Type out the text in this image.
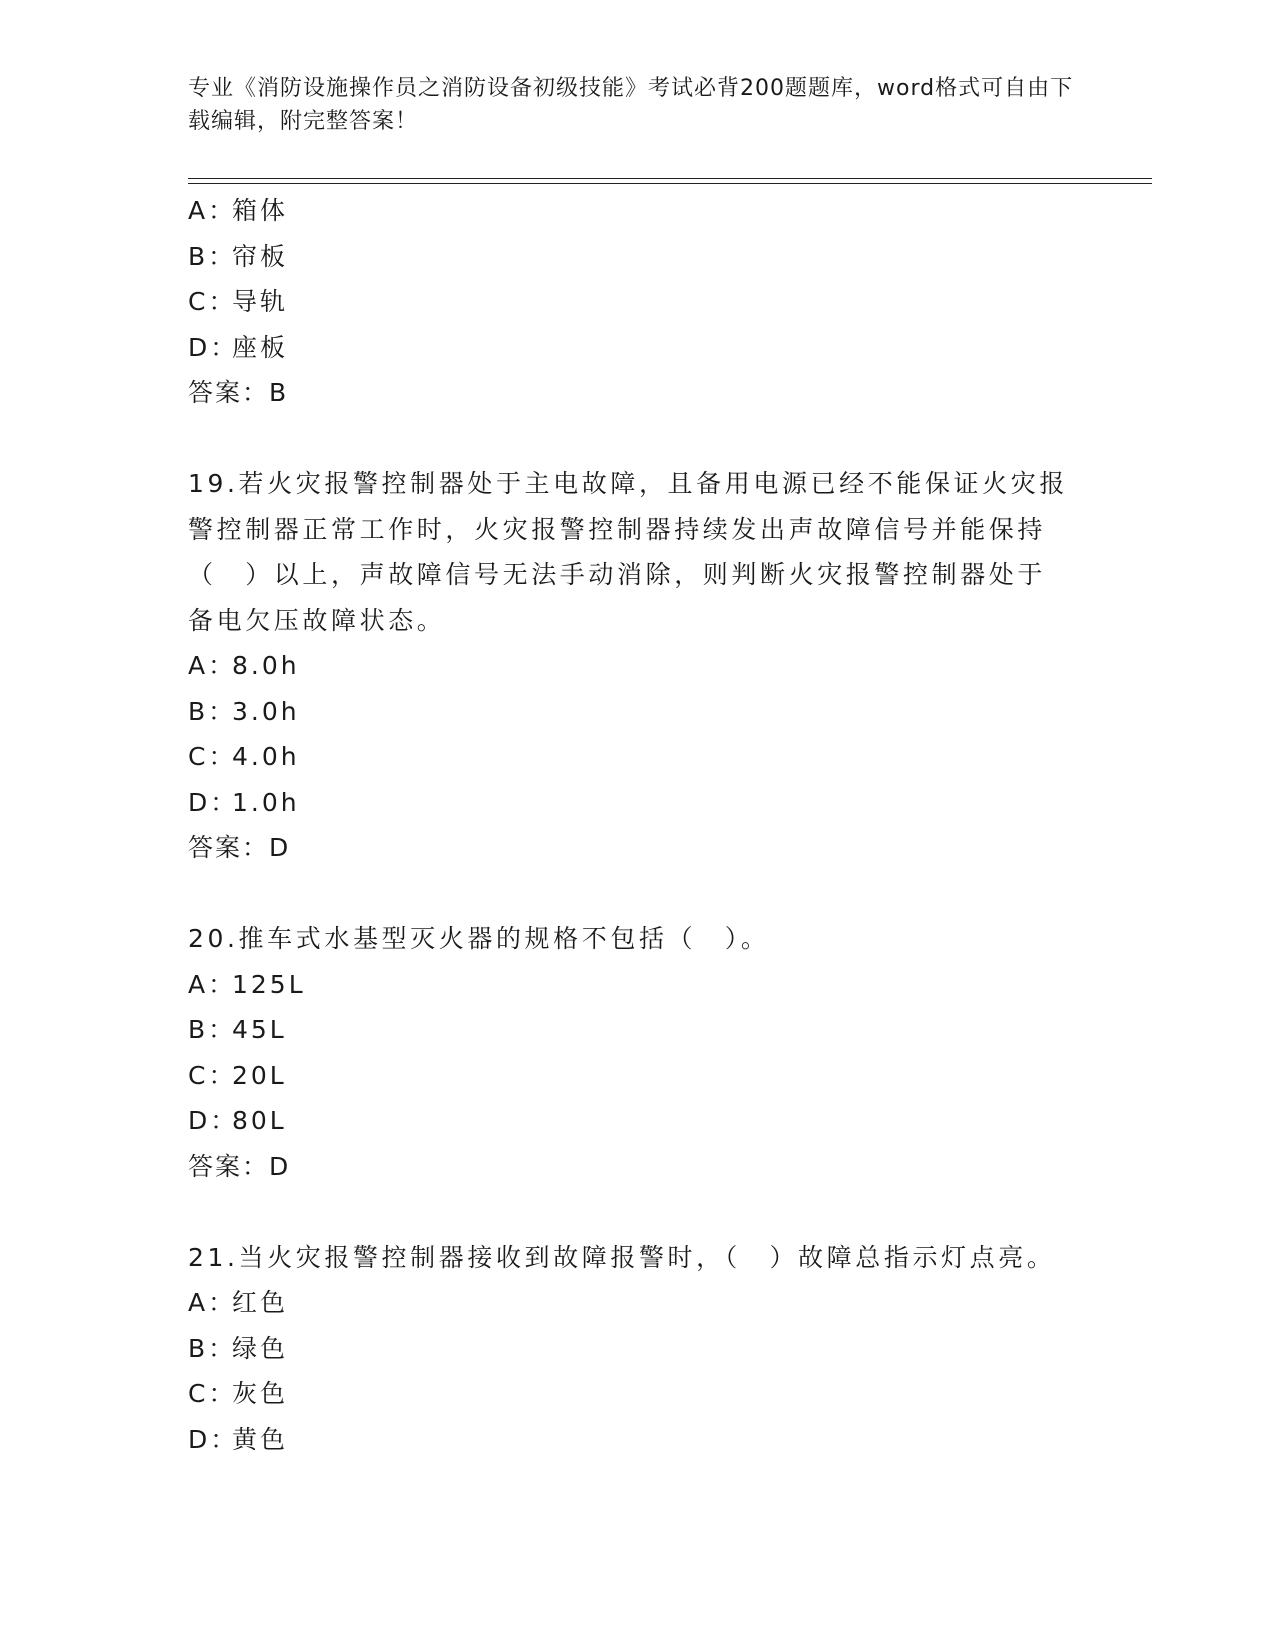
专业《消防设施操作员之消防设备初级技能》考试必背200题题库，word格式可自由下载编辑，附完整答案！
A：箱体
B：帘板
C：导轨
D：座板
答案：B
19.若火灾报警控制器处于主电故障，且备用电源已经不能保证火灾报警控制器正常工作时，火灾报警控制器持续发出声故障信号并能保持（　）以上，声故障信号无法手动消除，则判断火灾报警控制器处于备电欠压故障状态。
A：8.0h
B：3.0h
C：4.0h
D：1.0h
答案：D
20.推车式水基型灭火器的规格不包括（　）。
A：125L
B：45L
C：20L
D：80L
答案：D
21.当火灾报警控制器接收到故障报警时，（　）故障总指示灯点亮。
A：红色
B：绿色
C：灰色
D：黄色
